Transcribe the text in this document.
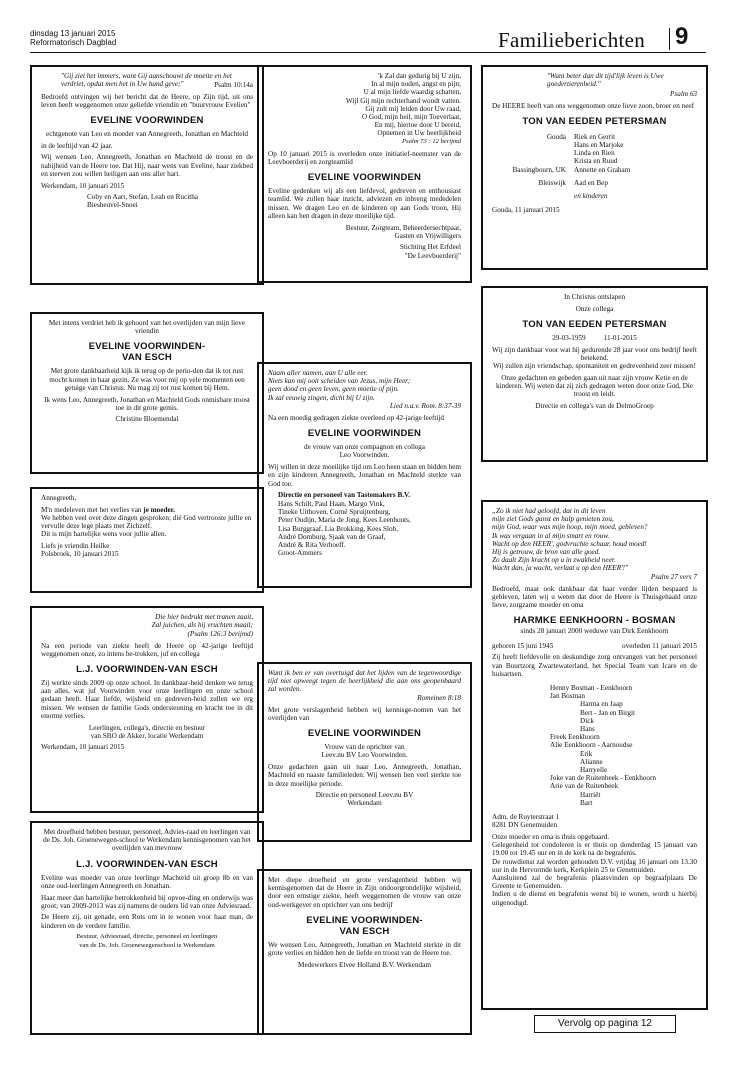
dinsdag 13 januari 2015
Reformatorisch Dagblad	Familieberichten 9

"Gij ziet het immers, want Gij aanschouwt de moeite en het verdriet, opdat men het in Uw hand geve;"	Psalm 10:14a

Bedroefd ontvingen wij het bericht dat de Heere, op Zijn tijd, uit ons leven heeft weggenomen onze geliefde vriendin en "buurvrouw Evelien"

EVELINE VOORWINDEN

echtgenote van Leo en moeder van Annegreeth, Jonathan en Machteld

in de leeftijd van 42 jaar.

Wij wensen Leo, Annegreeth, Jonathan en Machteld de troost en de nabijheid van de Heere toe. Dat Hij, naar wens van Eveline, haar ziekbed en sterven zou willen heiligen aan ons aller hart.

Werkendam, 10 januari 2015

Coby en Aart, Stefan, Leah en Rucitha
Biesheuvel-Snoei

'k Zal dan gedurig bij U zijn,
In al mijn noden, angst en pijn;
U al mijn liefde waardig schatten,
Wijl Gij mijn rechterhand woudt vatten.
Gij zult mij leiden door Uw raad,
O God, mijn heil, mijn Toeverlaat,
En mij, hiertoe door U bereid,
Opnemen in Uw heerlijkheid

Psalm 73 : 12 berijmd

Op 10 januari 2015 is overleden onze initiatief-neemster van de Leevboerderij en zorgteamlid

EVELINE VOORWINDEN

Eveline gedenken wij als een liefdevol, gedreven en enthousiast teamlid. We zullen haar inzicht, adviezen en inbreng mededelen missen. We dragen Leo en de kinderen op aan Gods troon, Hij alleen kan hen dragen in deze moeilijke tijd.

Bestuur, Zorgteam, Beheerdersechtpaar,
Gasten en Vrijwilligers

Stichting Het Erfdeel
"De Leevboerderij"

"Want beter dan dit tijd'lijk leven is Uwe goedertierenheid."

Psalm 63

De HEERE heeft van ons weggenomen onze lieve zoon, broer en neef

TON VAN EEDEN PETERSMAN
Gouda Riek en Gerrit
Hans en Marjoke
Linda en Rien
Krista en Ruud
Bassingbourn, UK Annette en Graham
Bleiswijk Aad en Bep
en kinderen

Gouda, 11 januari 2015

In Christus ontslapen

Onze collega

TON VAN EEDEN PETERSMAN

29-03-1959          11-01-2015

Wij zijn dankbaar voor wat hij gedurende 28 jaar voor ons bedrijf heeft betekend.
Wij zullen zijn vriendschap, spontaniteit en gedrevenheid zeer missen!

Onze gedachten en gebeden gaan uit naar zijn vrouw Ketie en de kinderen. Wij weten dat zij zich gedragen weten door onze God, Die troost en leidt.

Directie en collega's van de DelmoGroep

Met intens verdriet heb ik gehoord van het overlijden van mijn lieve vriendin

EVELINE VOORWINDEN-
VAN ESCH

Met grote dankbaarheid kijk ik terug op de perio-den dat ik tot rust mocht komen in haar gezin. Ze was voor mij op vele momenten een getuige van Christus. Nu mag zij tot rust komen bij Hem.

Ik wens Leo, Annegreeth, Jonathan en Machteld Gods onmisbare troost toe in dit grote gemis.

Christine Bloemendal

Naam aller namen, aan U alle eer.
Niets kan mij ooit scheiden van Jezus, mijn Heer;
geen dood en geen leven, geen moeite of pijn.
Ik zal eeuwig zingen, dicht bij U zijn.

Lied n.a.v. Rom. 8:37-39

Na een moedig gedragen ziekte overleed op 42-jarige leeftijd

EVELINE VOORWINDEN

de vrouw van onze compagnon en collega
Leo Voorwinden.

Wij willen in deze moeilijke tijd om Leo heen staan en bidden hem en zijn kinderen Annegreeth, Jonathan en Machteld sterkte van God toe.

Directie en personeel van Tastemakers B.V.

Hans Schilt, Paul Haan, Margo Vink,
Tineke Uithoven, Corné Spruijtenburg,
Peter Oudijn, Maria de Jong, Kees Leenhouts,
Lisa Burggraaf, Lia Brokking, Kees Slob,
André Domburg, Sjaak van de Graaf,
André & Rita Verhoeff.
Groot-Ammers

Annegreeth,

M'n medeleven met het verlies van je moeder.

We hebben veel over deze dingen gesproken; dié God vertrooste jullie en vervulle deze lege plaats met Zichzelf.
Dit is mijn hartelijke wens voor jullie allen.

Liefs je vriendin Heilke
Polsbroek, 10 januari 2015

„Zo ik niet had geloofd, dat in dit leven
mijn ziel Gods gunst en hulp genieten zou,
mijn God, waar was mijn hoop, mijn moed, gebleven?
Ik was vergaan in al mijn smart en rouw.
Wacht op den HEER', godvruchte schaar, houd moed!
Hij is getrouw, de bron van alle goed.
Zo daalt Zijn kracht op u in zwakheid neer.
Wacht dan, ja wacht, verlaat u op den HEER'!"

Psalm 27 vers 7

Bedroefd, maar ook dankbaar dat haar verder lijden bespaard is gebleven, laten wij u weten dat door de Heere is Thuisgehaald onze lieve, zorgzame moeder en oma

HARMKE EENKHOORN - BOSMAN

sinds 28 januari 2000 weduwe van Dirk Eenkhoorn

geboren 15 juni 1945	overleden 11 januari 2015

Zij heeft liefdevolle en deskundige zorg ontvangen van het personeel van Buurtzorg Zwartewaterland, het Special Team van Icare en de huisartsen.

Henny Bosman - Eenkhoorn
Jan Bosman
Harma en Jaap
Bert - Jan en Birgit
Dick
Hans
Freek Eenkhoorn
Alie Eenkhoorn - Aarnoudse
Erik
Alianne
Harryelle
Joke van de Ruitenbeek - Eenkhoorn
Arie van de Ruitenbeek
Harriët
Bart

Adm. de Ruyterstraat 1
8281 DN Genemuiden

Onze moeder en oma is thuis opgebaard.

Gelegenheid tot condoleren is er thuis op donderdag 15 januari van 19.00 tot 19.45 uur en in de kerk na de begrafenis.

De rouwdienst zal worden gehouden D.V. vrijdag 16 januari om 13.30 uur in de Hervormde kerk, Kerkplein 25 te Genemuiden.

Aansluitend zal de begrafenis plaatsvinden op begraafplaats De Greente te Genemuiden.

Indien u de dienst en begrafenis wenst bij te wonen, wordt u hierbij uitgenodigd.

Die hier bedrukt met tranen zaait,
Zal juichen, als hij vruchten maait;

(Psalm 126:3 berijmd)

Na een periode van ziekte heeft de Heere op 42-jarige leeftijd weggenomen onze, zo intens be-trokken, juf en collega

L.J. VOORWINDEN-VAN ESCH

Zij werkte sinds 2009 op onze school. In dankbaar-heid denken we terug aan alles, wat juf Voorwinden voor onze leerlingen en onze school gedaan heeft. Haar liefde, wijsheid en gedreven-heid zullen we erg missen. We wensen de familie Gods ondersteuning en kracht toe in dit enorme verlies.

Leerlingen, collega's, directie en bestuur
van SBO de Akker, locatie Werkendam

Werkendam, 10 januari 2015

Want ik ben er van overtuigd dat het lijden van de tegenwoordige tijd niet opweegt tegen de heerlijkheid die aan ons geopenbaard zal worden.

Romeinen 8:18

Met grote verslagenheid hebben wij kennisge-nomen van het overlijden van

EVELINE VOORWINDEN

Vrouw van de oprichter van
Leev.nu BV Leo Voorwinden.

Onze gedachten gaan uit naar Leo, Annegreeth, Jonathan, Machteld en naaste familieleden. Wij wensen hen veel sterkte toe in deze moeilijke periode.

Directie en personeel Leev.nu BV
Werkendam

Met droefheid hebben bestuur, personeel, Advies-raad en leerlingen van de Ds. Joh. Groenewegen-school te Werkendam kennisgenomen van het overlijden van mevrouw

L.J. VOORWINDEN-VAN ESCH

Eveline was moeder van onze leerlinge Machteld uit groep 8b en van onze oud-leerlingen Annegreeth en Jonathan.

Haar meer dan hartelijke betrokkenheid bij opvoe-ding en onderwijs was groot; van 2009-2013 was zij namens de ouders lid van onze Adviesraad.

De Heere zij, uit genade, een Rots om in te wonen voor haar man, de kinderen en de verdere familie.

Bestuur, Adviesraad, directie, personeel en leerlingen
van de Ds. Joh. Groenewegenschool te Werkendam

Met diepe droefheid en grote verslagenheid hebben wij kennisgenomen dat de Heere in Zijn ondoorgrondelijke wijsheid, door een ernstige ziekte, heeft weggenomen de vrouw van onze oud-werkgever en oprichter van ons bedrijf

EVELINE VOORWINDEN-
VAN ESCH

We wensen Leo, Annegreeth, Jonathan en Machteld sterkte in dit grote verlies en bidden hen de liefde en troost van de Heere toe.

Medewerkers Elvee Holland B.V. Werkendam

Vervolg op pagina 12
